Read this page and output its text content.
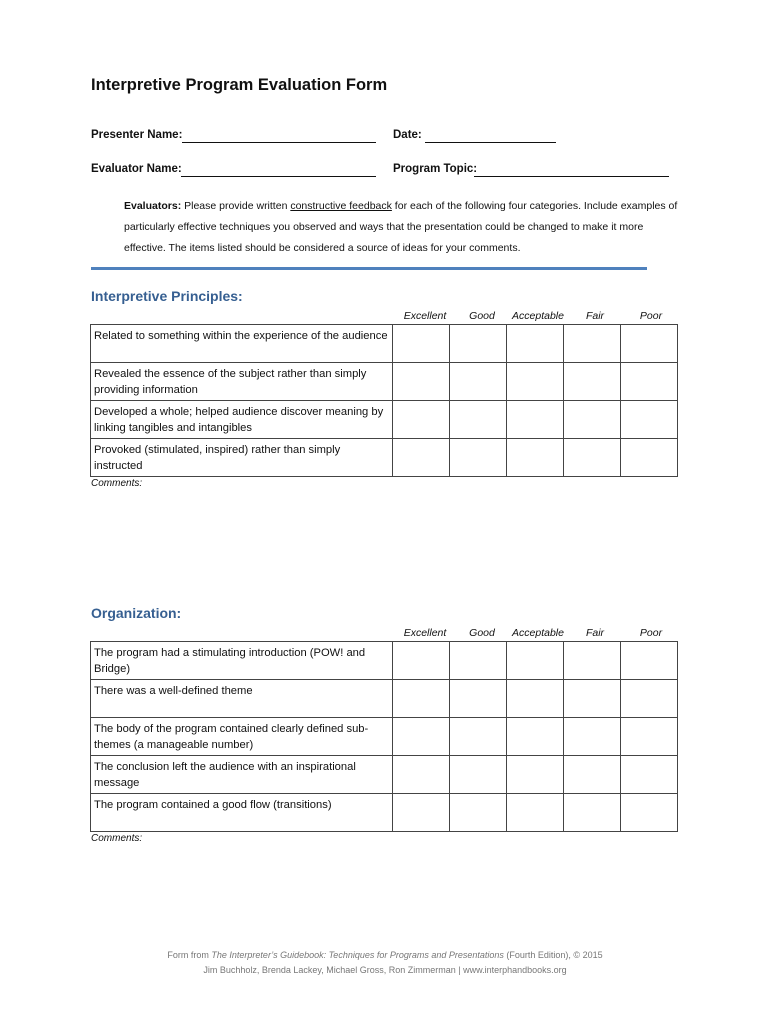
Interpretive Program Evaluation Form
Presenter Name:	Date:
Evaluator Name:	Program Topic:
Evaluators: Please provide written constructive feedback for each of the following four categories. Include examples of particularly effective techniques you observed and ways that the presentation could be changed to make it more effective. The items listed should be considered a source of ideas for your comments.
Interpretive Principles:
Excellent	Good	Acceptable	Fair	Poor
Related to something within the experience of the audience					
Revealed the essence of the subject rather than simply providing information					
Developed a whole; helped audience discover meaning by linking tangibles and intangibles					
Provoked (stimulated, inspired) rather than simply instructed					
Comments:
Organization:
Excellent	Good	Acceptable	Fair	Poor
The program had a stimulating introduction (POW! and Bridge)					
There was a well-defined theme					
The body of the program contained clearly defined sub-themes (a manageable number)					
The conclusion left the audience with an inspirational message					
The program contained a good flow (transitions)					
Comments:
Form from The Interpreter’s Guidebook: Techniques for Programs and Presentations (Fourth Edition), © 2015
Jim Buchholz, Brenda Lackey, Michael Gross, Ron Zimmerman | www.interphandbooks.org
